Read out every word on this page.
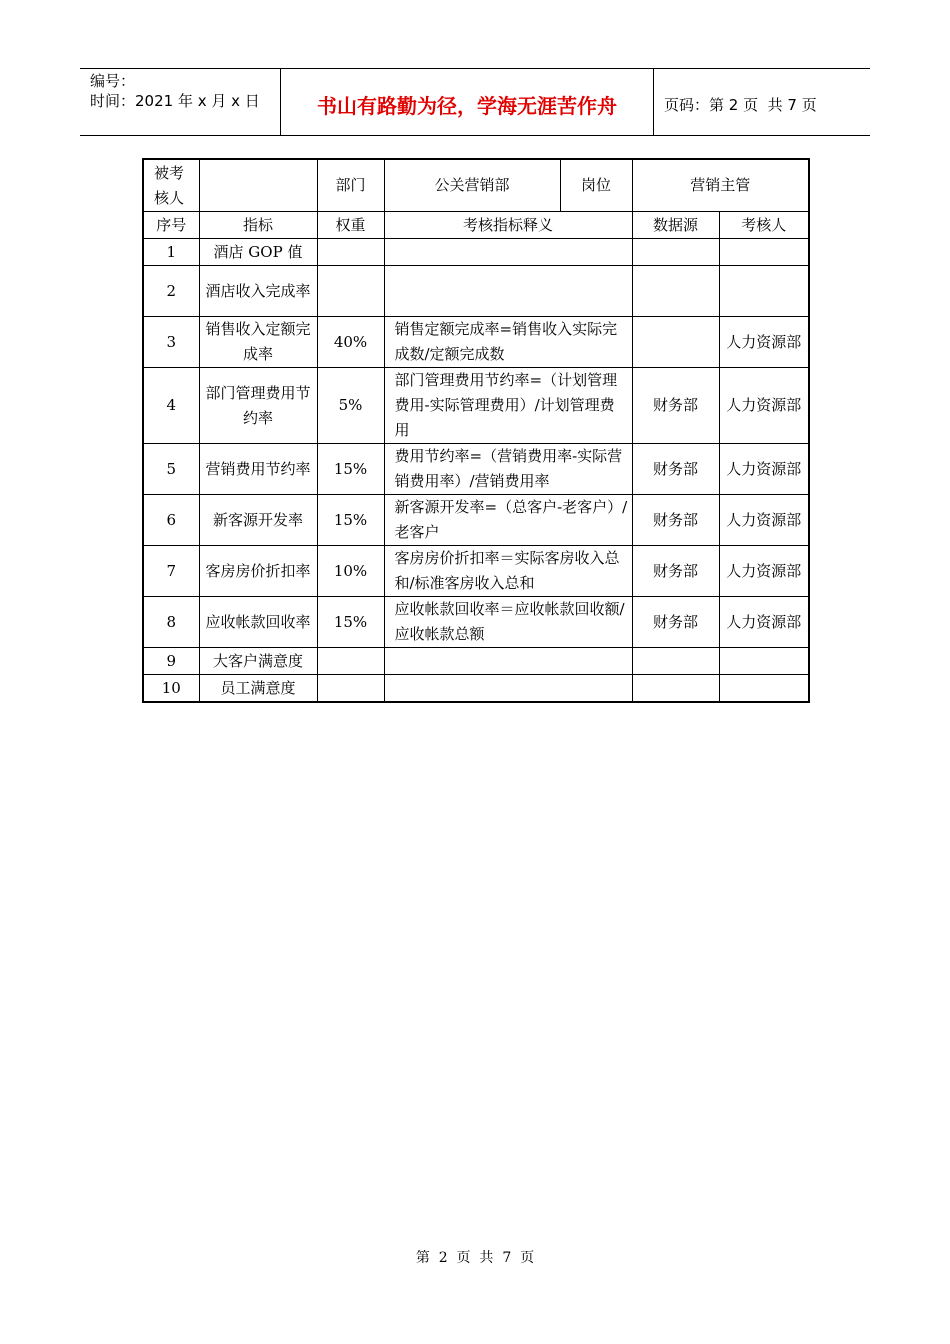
编号：
时间：2021 年 x 月 x 日	书山有路勤为径，学海无涯苦作舟	页码：第 2 页  共 7 页
被考核人		部门	公关营销部 岗位	营销主管	
序号	指标	权重	考核指标释义	数据源	考核人
1	酒店 GOP 值				
2	酒店收入完成率				
3	销售收入定额完成率	40%	销售定额完成率=销售收入实际完成数/定额完成数		人力资源部
4	部门管理费用节约率	5%	部门管理费用节约率=（计划管理费用-实际管理费用）/计划管理费用	财务部	人力资源部
5	营销费用节约率	15%	费用节约率=（营销费用率-实际营销费用率）/营销费用率	财务部	人力资源部
6	新客源开发率	15%	新客源开发率=（总客户-老客户）/老客户	财务部	人力资源部
7	客房房价折扣率	10%	客房房价折扣率＝实际客房收入总和/标准客房收入总和	财务部	人力资源部
8	应收帐款回收率	15%	应收帐款回收率＝应收帐款回收额/应收帐款总额	财务部	人力资源部
9	大客户满意度				
10	员工满意度				
第  2  页  共  7  页
